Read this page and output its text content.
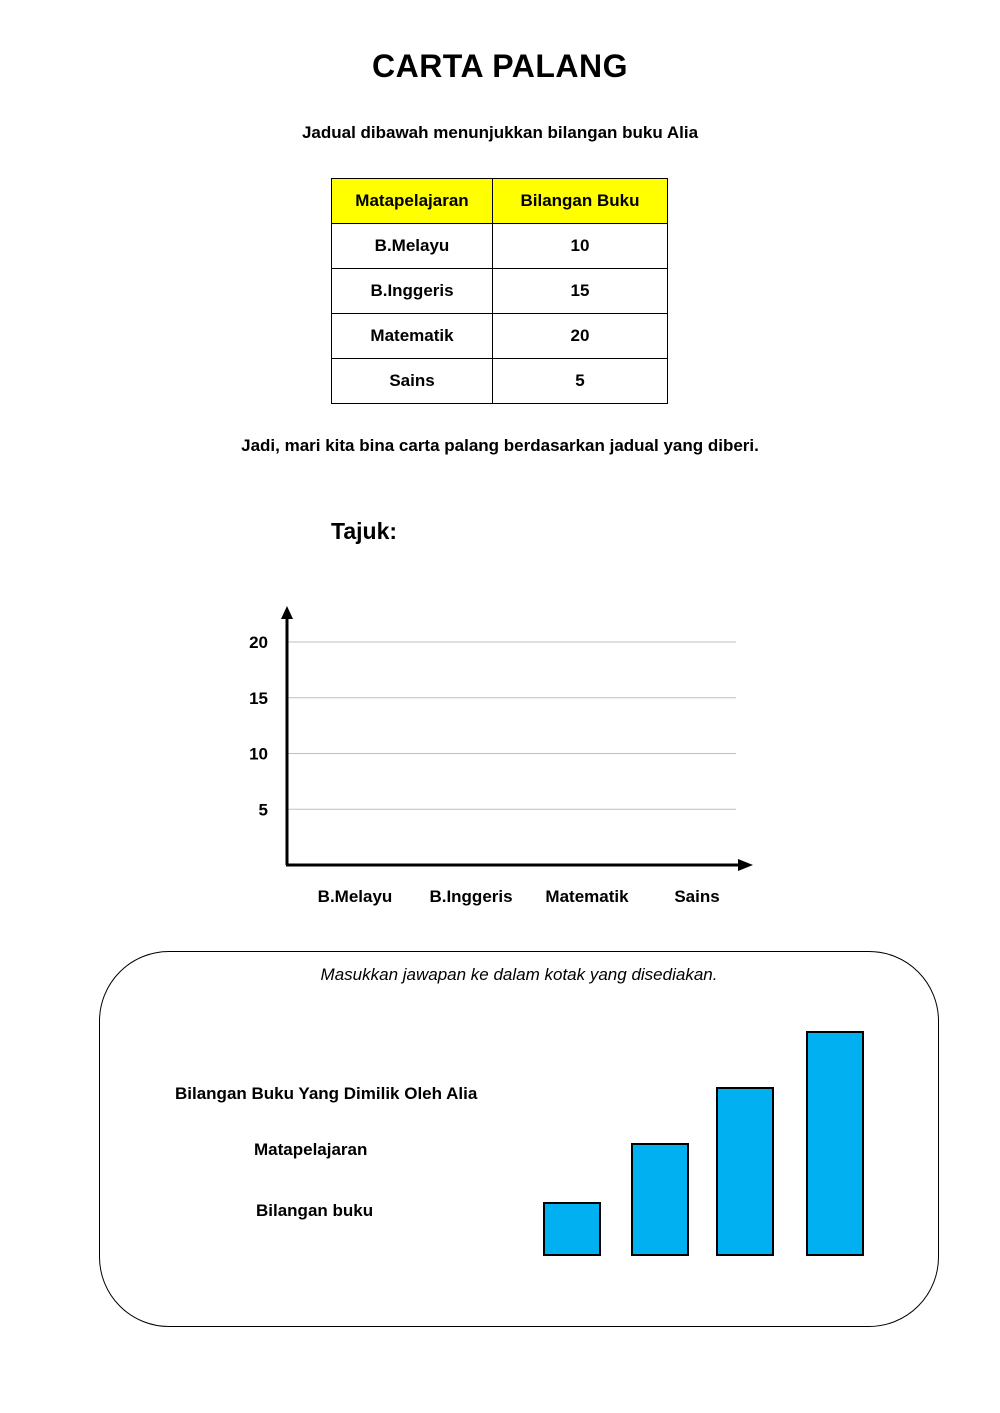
CARTA PALANG
Jadual dibawah menunjukkan bilangan buku Alia
Matapelajaran	Bilangan Buku
B.Melayu	10
B.Inggeris	15
Matematik	20
Sains	5
Jadi, mari kita bina carta palang berdasarkan jadual yang diberi.
Tajuk:
5
10
15
20
B.Melayu B.Inggeris Matematik	Sains
Masukkan jawapan ke dalam kotak yang disediakan.
Bilangan Buku Yang Dimilik Oleh Alia
Matapelajaran
Bilangan buku
